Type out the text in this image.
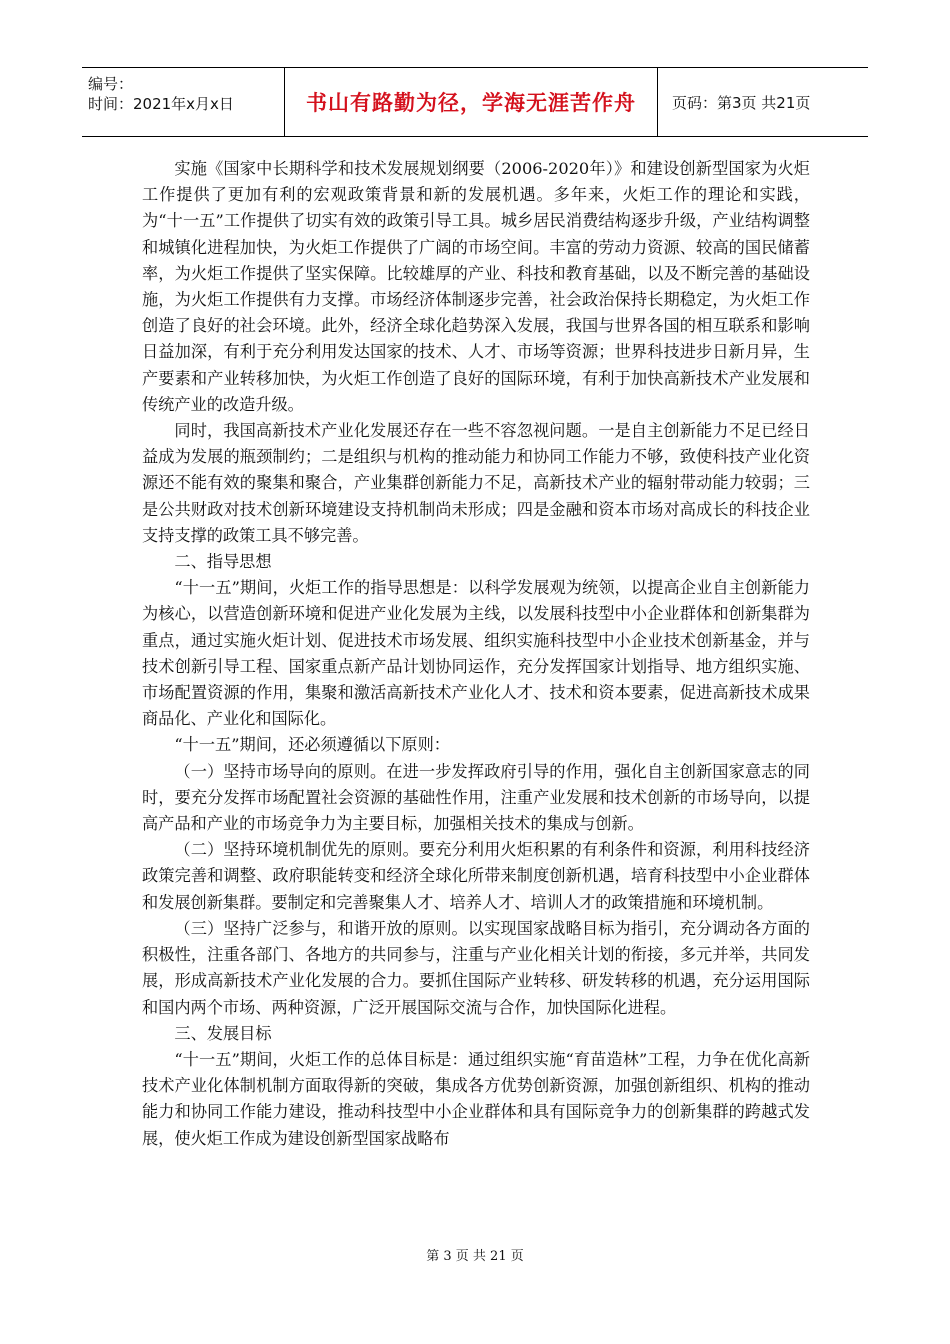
编号：
时间：2021年x月x日	书山有路勤为径，学海无涯苦作舟	页码：第3页 共21页

实施《国家中长期科学和技术发展规划纲要（2006-2020年）》和建设创新型国家为火炬工作提供了更加有利的宏观政策背景和新的发展机遇。多年来，火炬工作的理论和实践，为“十一五”工作提供了切实有效的政策引导工具。城乡居民消费结构逐步升级，产业结构调整和城镇化进程加快，为火炬工作提供了广阔的市场空间。丰富的劳动力资源、较高的国民储蓄率，为火炬工作提供了坚实保障。比较雄厚的产业、科技和教育基础，以及不断完善的基础设施，为火炬工作提供有力支撑。市场经济体制逐步完善，社会政治保持长期稳定，为火炬工作创造了良好的社会环境。此外，经济全球化趋势深入发展，我国与世界各国的相互联系和影响日益加深，有利于充分利用发达国家的技术、人才、市场等资源；世界科技进步日新月异，生产要素和产业转移加快，为火炬工作创造了良好的国际环境，有利于加快高新技术产业发展和传统产业的改造升级。

同时，我国高新技术产业化发展还存在一些不容忽视问题。一是自主创新能力不足已经日益成为发展的瓶颈制约；二是组织与机构的推动能力和协同工作能力不够，致使科技产业化资源还不能有效的聚集和聚合，产业集群创新能力不足，高新技术产业的辐射带动能力较弱；三是公共财政对技术创新环境建设支持机制尚未形成；四是金融和资本市场对高成长的科技企业支持支撑的政策工具不够完善。

二、指导思想

“十一五”期间，火炬工作的指导思想是：以科学发展观为统领，以提高企业自主创新能力为核心，以营造创新环境和促进产业化发展为主线，以发展科技型中小企业群体和创新集群为重点，通过实施火炬计划、促进技术市场发展、组织实施科技型中小企业技术创新基金，并与技术创新引导工程、国家重点新产品计划协同运作，充分发挥国家计划指导、地方组织实施、市场配置资源的作用，集聚和激活高新技术产业化人才、技术和资本要素，促进高新技术成果商品化、产业化和国际化。

“十一五”期间，还必须遵循以下原则：

（一）坚持市场导向的原则。在进一步发挥政府引导的作用，强化自主创新国家意志的同时，要充分发挥市场配置社会资源的基础性作用，注重产业发展和技术创新的市场导向，以提高产品和产业的市场竞争力为主要目标，加强相关技术的集成与创新。

（二）坚持环境机制优先的原则。要充分利用火炬积累的有利条件和资源，利用科技经济政策完善和调整、政府职能转变和经济全球化所带来制度创新机遇，培育科技型中小企业群体和发展创新集群。要制定和完善聚集人才、培养人才、培训人才的政策措施和环境机制。

（三）坚持广泛参与，和谐开放的原则。以实现国家战略目标为指引，充分调动各方面的积极性，注重各部门、各地方的共同参与，注重与产业化相关计划的衔接，多元并举，共同发展，形成高新技术产业化发展的合力。要抓住国际产业转移、研发转移的机遇，充分运用国际和国内两个市场、两种资源，广泛开展国际交流与合作，加快国际化进程。

三、发展目标

“十一五”期间，火炬工作的总体目标是：通过组织实施“育苗造林”工程，力争在优化高新技术产业化体制机制方面取得新的突破，集成各方优势创新资源，加强创新组织、机构的推动能力和协同工作能力建设，推动科技型中小企业群体和具有国际竞争力的创新集群的跨越式发展，使火炬工作成为建设创新型国家战略布

第 3 页 共 21 页
